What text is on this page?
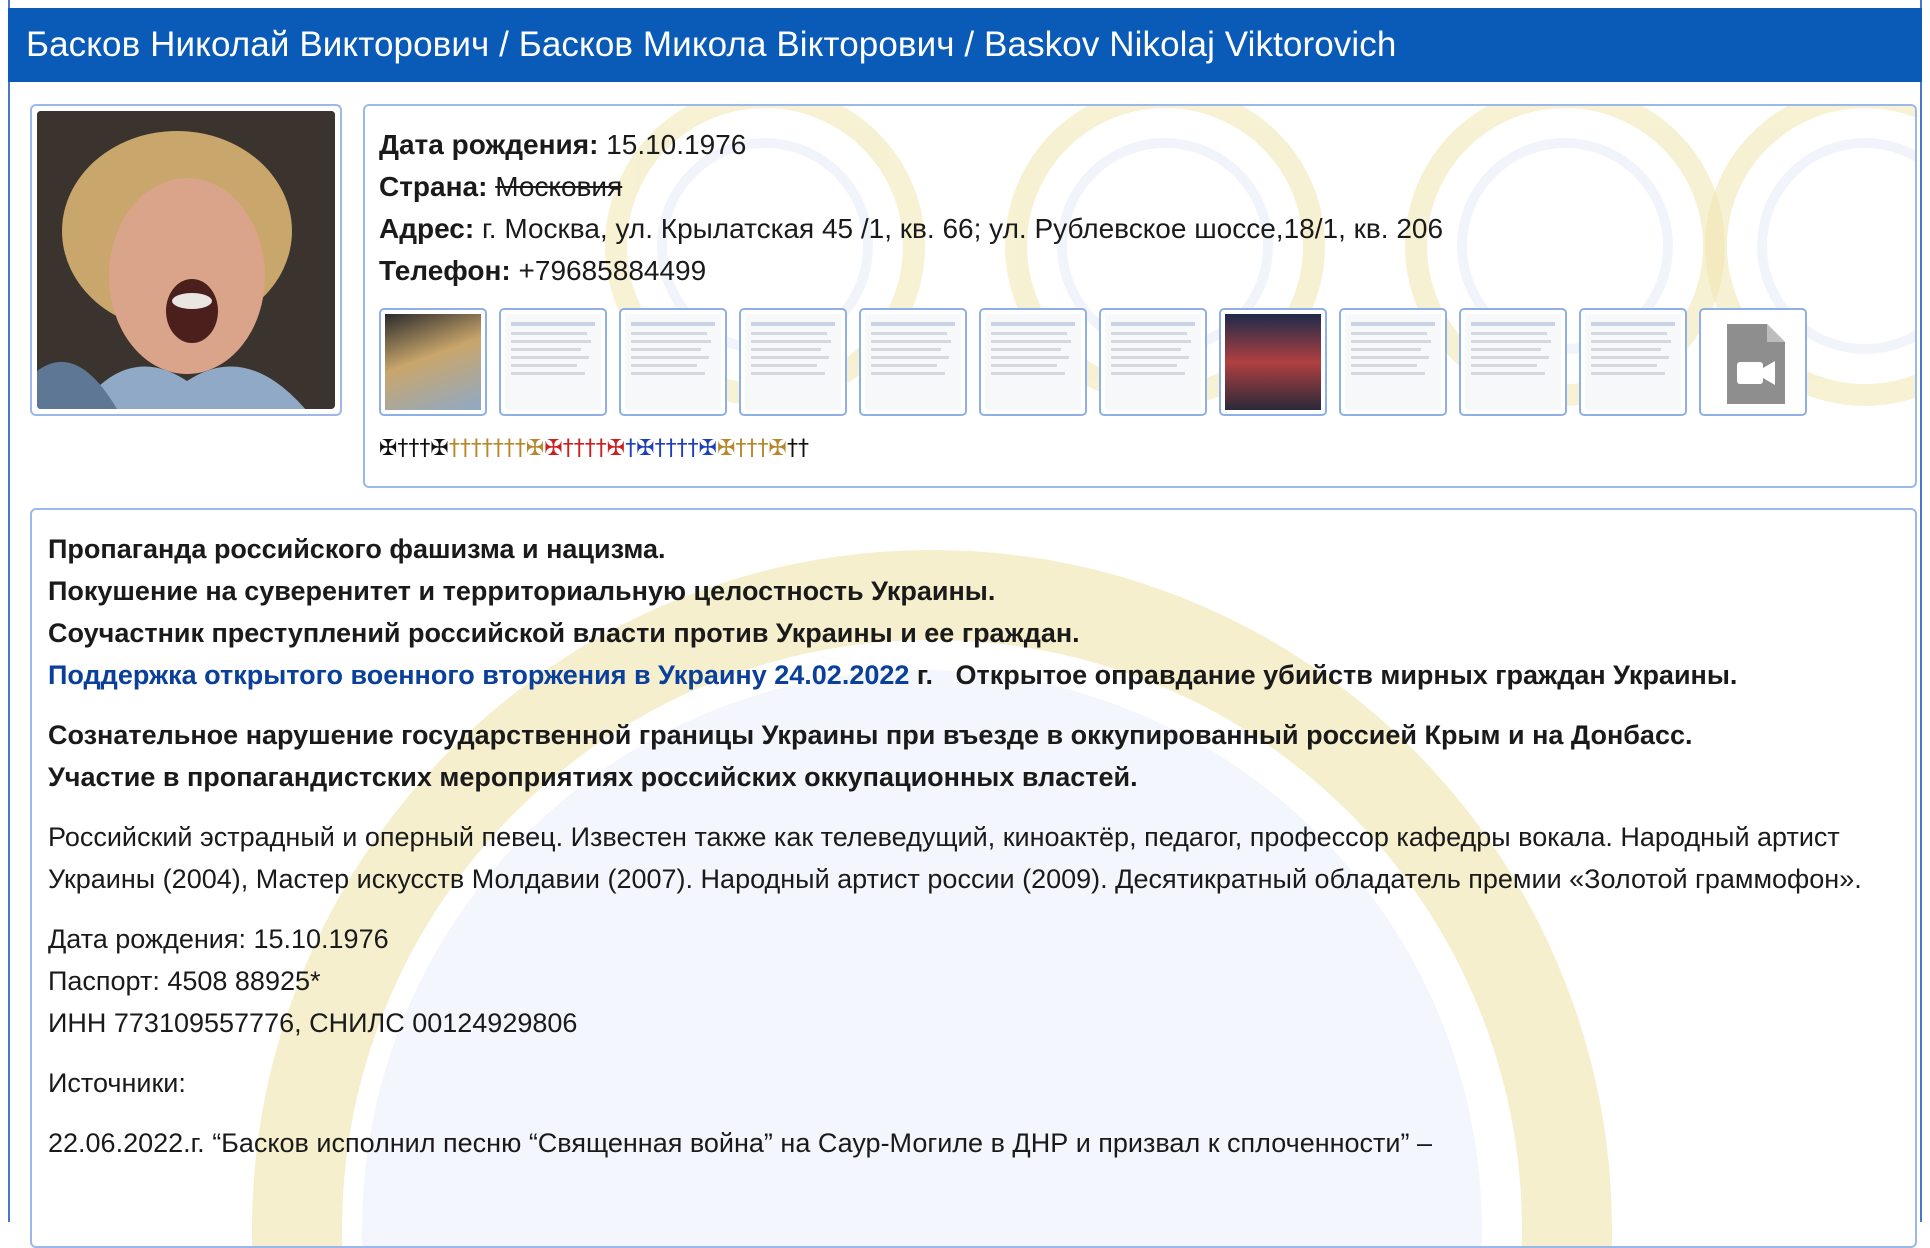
Басков Николай Викторович / Басков Микола Вікторович / Baskov Nikolaj Viktorovich
Дата рождения: 15.10.1976
Страна: Московия
Адрес: г. Москва, ул. Крылатская 45 /1, кв. 66; ул. Рублевское шоссе,18/1, кв. 206
Телефон: +79685884499
✠†††✠†††††††✠✠††††✠†✠††††✠✠†††✠††

Пропаганда российского фашизма и нацизма.

Покушение на суверенитет и территориальную целостность Украины.

Соучастник преступлений российской власти против Украины и ее граждан.

Поддержка открытого военного вторжения в Украину 24.02.2022 г. Открытое оправдание убийств мирных граждан Украины.

Сознательное нарушение государственной границы Украины при въезде в оккупированный россией Крым и на Донбасс.

Участие в пропагандистских мероприятиях российских оккупационных властей.

Российский эстрадный и оперный певец. Известен также как телеведущий, киноактёр, педагог, профессор кафедры вокала. Народный артист Украины (2004), Мастер искусств Молдавии (2007). Народный артист россии (2009). Десятикратный обладатель премии «Золотой граммофон».

Дата рождения: 15.10.1976

Паспорт: 4508 88925*

ИНН 773109557776, СНИЛС 00124929806

Источники:

22.06.2022.г. “Басков исполнил песню “Священная война” на Саур-Могиле в ДНР и призвал к сплоченности” –
